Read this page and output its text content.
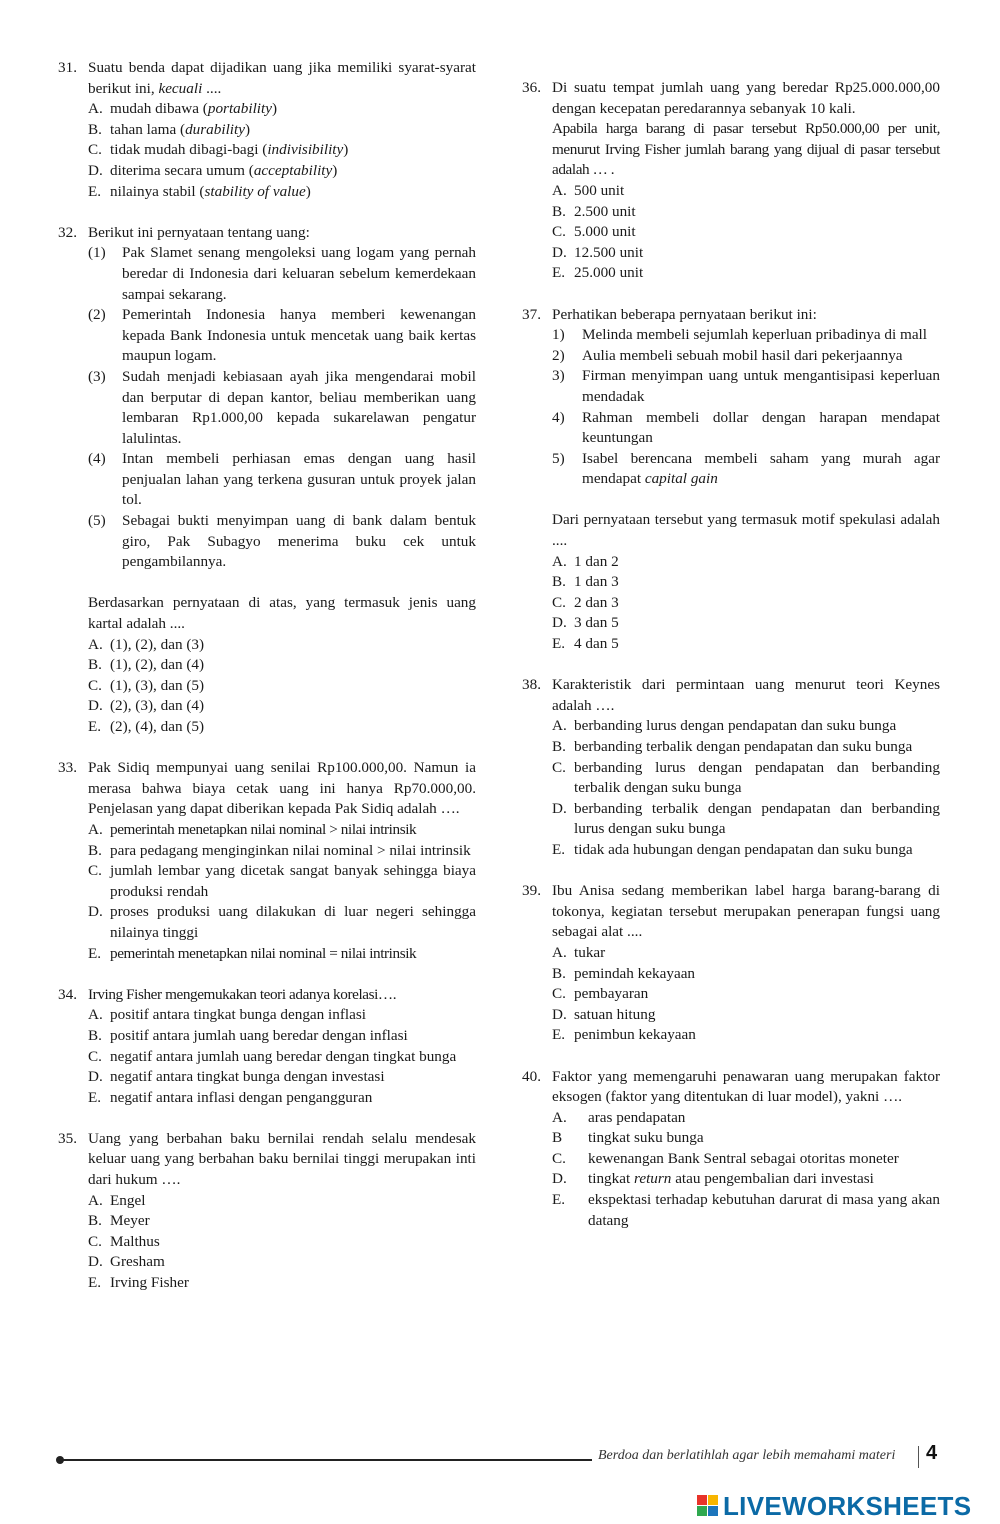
31. Suatu benda dapat dijadikan uang jika memiliki syarat-syarat berikut ini, kecuali ....
A. mudah dibawa (portability)
B. tahan lama (durability)
C. tidak mudah dibagi-bagi (indivisibility)
D. diterima secara umum (acceptability)
E. nilainya stabil (stability of value)
32. Berikut ini pernyataan tentang uang:
(1)	Pak Slamet senang mengoleksi uang logam yang pernah beredar di Indonesia dari keluaran sebelum kemerdekaan sampai sekarang.
(2)	Pemerintah Indonesia hanya memberi kewenangan kepada Bank Indonesia untuk mencetak uang baik kertas maupun logam.
(3)	Sudah menjadi kebiasaan ayah jika mengendarai mobil dan berputar di depan kantor, beliau memberikan uang lembaran Rp1.000,00 kepada sukarelawan pengatur lalulintas.
(4)	Intan membeli perhiasan emas dengan uang hasil penjualan lahan yang terkena gusuran untuk proyek jalan tol.
(5)	Sebagai bukti menyimpan uang di bank dalam bentuk giro, Pak Subagyo menerima buku cek untuk pengambilannya.
Berdasarkan pernyataan di atas, yang termasuk jenis uang kartal adalah ....
A. (1), (2), dan (3)
B. (1), (2), dan (4)
C. (1), (3), dan (5)
D. (2), (3), dan (4)
E. (2), (4), dan (5)
33. Pak Sidiq mempunyai uang senilai Rp100.000,00. Namun ia merasa bahwa biaya cetak uang ini hanya Rp70.000,00. Penjelasan yang dapat diberikan kepada Pak Sidiq adalah ….
A. pemerintah menetapkan nilai nominal > nilai intrinsik
B. para pedagang menginginkan nilai nominal > nilai intrinsik
C. jumlah lembar yang dicetak sangat banyak sehingga biaya produksi rendah
D. proses produksi uang dilakukan di luar negeri sehingga nilainya tinggi
E. pemerintah menetapkan nilai nominal = nilai intrinsik
34. Irving Fisher mengemukakan teori adanya korelasi….
A. positif antara tingkat bunga dengan inflasi
B. positif antara jumlah uang beredar dengan inflasi
C. negatif antara jumlah uang beredar dengan tingkat bunga
D. negatif antara tingkat bunga dengan investasi
E. negatif antara inflasi dengan pengangguran
35. Uang yang berbahan baku bernilai rendah selalu mendesak keluar uang yang berbahan baku bernilai tinggi merupakan inti dari hukum ….
A. Engel
B. Meyer
C. Malthus
D. Gresham
E. Irving Fisher
36. Di suatu tempat jumlah uang yang beredar Rp25.000.000,00 dengan kecepatan peredarannya sebanyak 10 kali.
Apabila harga barang di pasar tersebut Rp50.000,00 per unit, menurut Irving Fisher jumlah barang yang dijual di pasar tersebut adalah … .
A. 500 unit
B. 2.500 unit
C. 5.000 unit
D. 12.500 unit
E. 25.000 unit
37. Perhatikan beberapa pernyataan berikut ini:
1)	Melinda membeli sejumlah keperluan pribadinya di mall
2)	Aulia membeli sebuah mobil hasil dari pekerjaannya
3)	Firman menyimpan uang untuk mengantisipasi keperluan mendadak
4)	Rahman membeli dollar dengan harapan mendapat keuntungan
5)	Isabel berencana membeli saham yang murah agar mendapat capital gain
Dari pernyataan tersebut yang termasuk motif spekulasi adalah ....
A. 1 dan 2
B. 1 dan 3
C. 2 dan 3
D. 3 dan 5
E. 4 dan 5
38. Karakteristik dari permintaan uang menurut teori Keynes adalah ….
A. berbanding lurus dengan pendapatan dan suku bunga
B. berbanding terbalik dengan pendapatan dan suku bunga
C. berbanding lurus dengan pendapatan dan berbanding terbalik dengan suku bunga
D. berbanding terbalik dengan pendapatan dan berbanding lurus dengan suku bunga
E. tidak ada hubungan dengan pendapatan dan suku bunga
39. Ibu Anisa sedang memberikan label harga barang-barang di tokonya, kegiatan tersebut merupakan penerapan fungsi uang sebagai alat ....
A. tukar
B. pemindah kekayaan
C. pembayaran
D. satuan hitung
E. penimbun kekayaan
40. Faktor yang memengaruhi penawaran uang merupakan faktor eksogen (faktor yang ditentukan di luar model), yakni ….
A.	aras pendapatan
B	tingkat suku bunga
C.	kewenangan Bank Sentral sebagai otoritas moneter
D.	tingkat return atau pengembalian dari investasi
E.	ekspektasi terhadap kebutuhan darurat di masa yang akan datang
Berdoa dan berlatihlah agar lebih memahami materi 4
LIVEWORKSHEETS
